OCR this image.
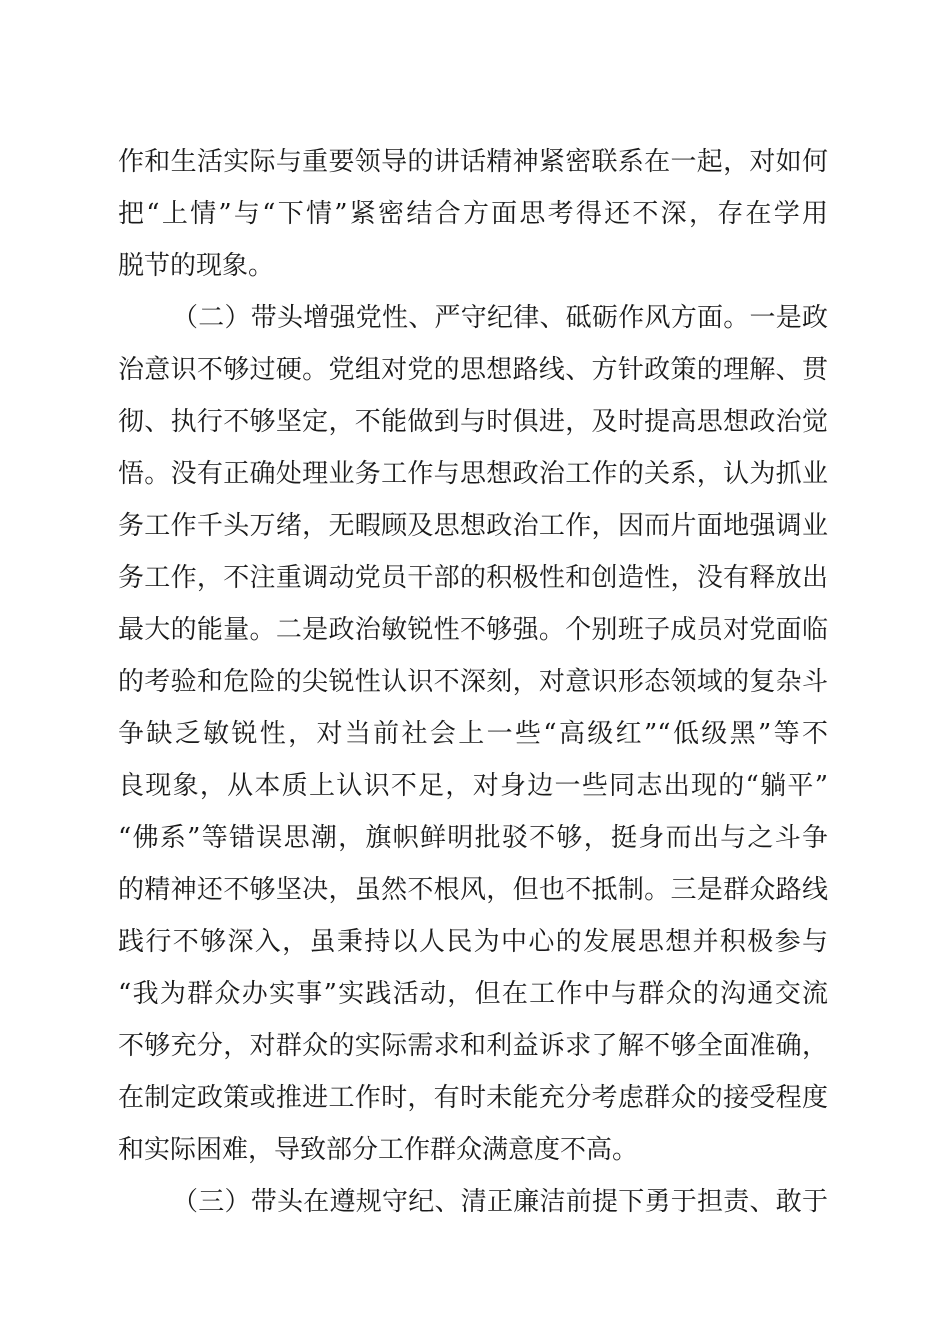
作和生活实际与重要领导的讲话精神紧密联系在一起，对如何
把“上情”与“下情”紧密结合方面思考得还不深，存在学用
脱节的现象。
（二）带头增强党性、严守纪律、砥砺作风方面。一是政
治意识不够过硬。党组对党的思想路线、方针政策的理解、贯
彻、执行不够坚定，不能做到与时俱进，及时提高思想政治觉
悟。没有正确处理业务工作与思想政治工作的关系，认为抓业
务工作千头万绪，无暇顾及思想政治工作，因而片面地强调业
务工作，不注重调动党员干部的积极性和创造性，没有释放出
最大的能量。二是政治敏锐性不够强。个别班子成员对党面临
的考验和危险的尖锐性认识不深刻，对意识形态领域的复杂斗
争缺乏敏锐性，对当前社会上一些“高级红”“低级黑”等不
良现象，从本质上认识不足，对身边一些同志出现的“躺平”
“佛系”等错误思潮，旗帜鲜明批驳不够，挺身而出与之斗争
的精神还不够坚决，虽然不根风，但也不抵制。三是群众路线
践行不够深入，虽秉持以人民为中心的发展思想并积极参与
“我为群众办实事”实践活动，但在工作中与群众的沟通交流
不够充分，对群众的实际需求和利益诉求了解不够全面准确，
在制定政策或推进工作时，有时未能充分考虑群众的接受程度
和实际困难，导致部分工作群众满意度不高。
（三）带头在遵规守纪、清正廉洁前提下勇于担责、敢于
